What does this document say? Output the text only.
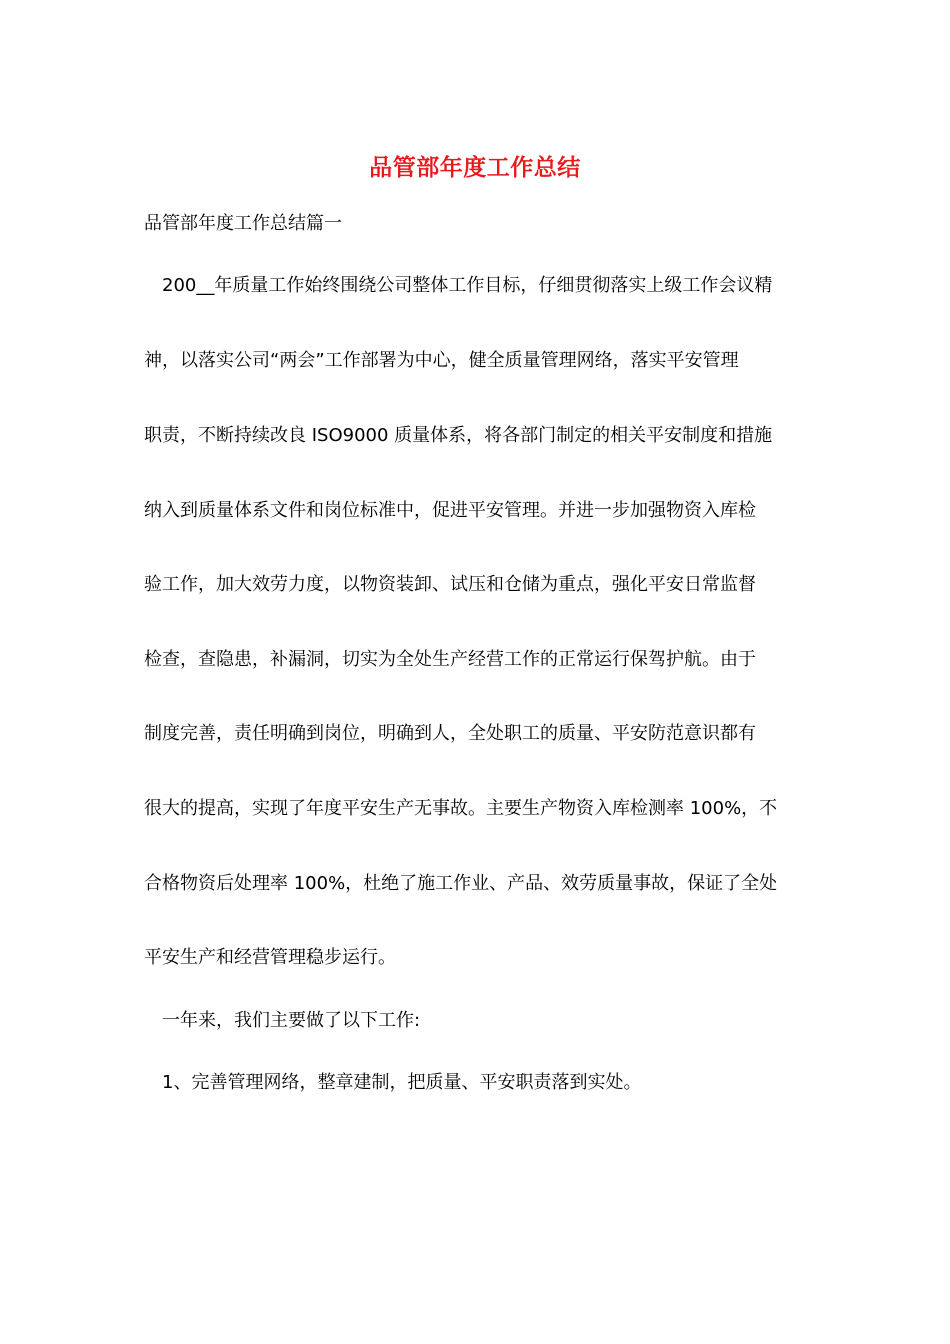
品管部年度工作总结
品管部年度工作总结篇一
200__年质量工作始终围绕公司整体工作目标，仔细贯彻落实上级工作会议精
神，以落实公司“两会”工作部署为中心，健全质量管理网络，落实平安管理
职责，不断持续改良 ISO9000 质量体系，将各部门制定的相关平安制度和措施
纳入到质量体系文件和岗位标准中，促进平安管理。并进一步加强物资入库检
验工作，加大效劳力度，以物资装卸、试压和仓储为重点，强化平安日常监督
检查，查隐患，补漏洞，切实为全处生产经营工作的正常运行保驾护航。由于
制度完善，责任明确到岗位，明确到人，全处职工的质量、平安防范意识都有
很大的提高，实现了年度平安生产无事故。主要生产物资入库检测率 100%，不
合格物资后处理率 100%，杜绝了施工作业、产品、效劳质量事故，保证了全处
平安生产和经营管理稳步运行。
一年来，我们主要做了以下工作:
1、完善管理网络，整章建制，把质量、平安职责落到实处。
